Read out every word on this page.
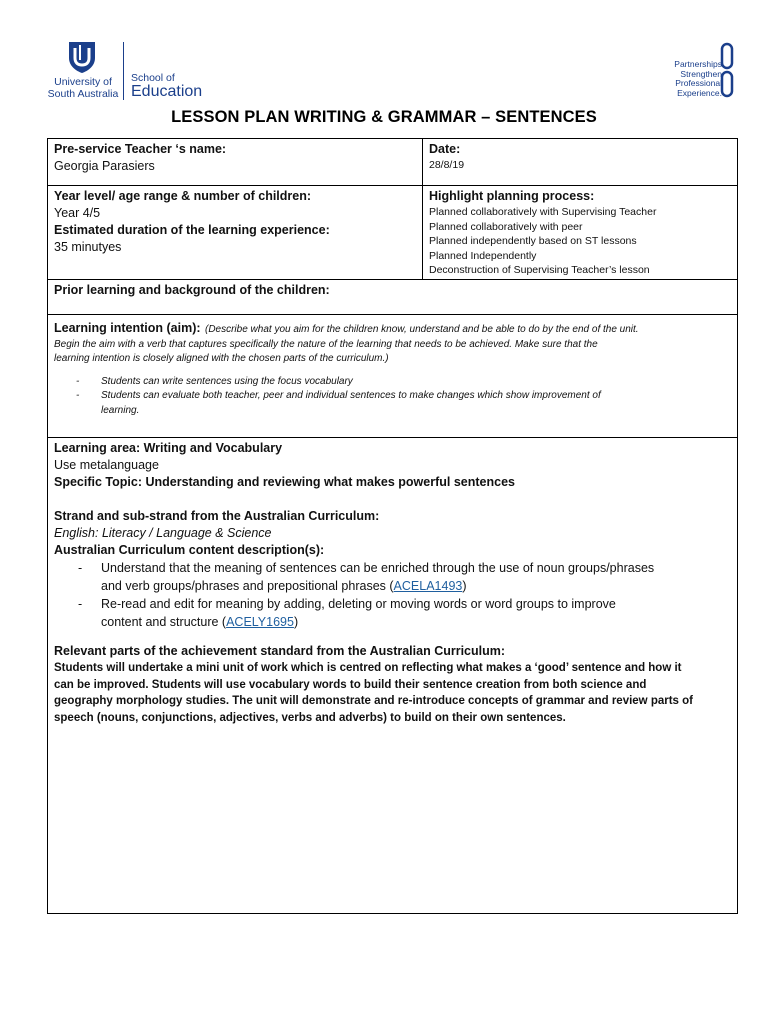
University of
South Australia
School of
Education
Partnerships
Strengthen
Professional
Experience.
LESSON PLAN WRITING & GRAMMAR – SENTENCES
Pre-service Teacher ‘s name:
Georgia Parasiers
Date:
28/8/19
Year level/ age range & number of children:
Year 4/5
Estimated duration of the learning experience:
35 minutyes
Highlight planning process:
Planned collaboratively with Supervising Teacher
Planned collaboratively with peer
Planned independently based on ST lessons
Planned Independently
Deconstruction of Supervising Teacher’s lesson
Prior learning and background of the children:
Learning intention (aim): (Describe what you aim for the children know, understand and be able to do by the end of the unit.
Begin the aim with a verb that captures specifically the nature of the learning that needs to be achieved. Make sure that the
learning intention is closely aligned with the chosen parts of the curriculum.)
- Students can write sentences using the focus vocabulary
- Students can evaluate both teacher, peer and individual sentences to make changes which show improvement of
learning.
Learning area: Writing and Vocabulary
Use metalanguage
Specific Topic: Understanding and reviewing what makes powerful sentences
Strand and sub-strand from the Australian Curriculum:
English: Literacy / Language & Science
Australian Curriculum content description(s):
- Understand that the meaning of sentences can be enriched through the use of noun groups/phrases
and verb groups/phrases and prepositional phrases (ACELA1493)
- Re-read and edit for meaning by adding, deleting or moving words or word groups to improve
content and structure (ACELY1695)
Relevant parts of the achievement standard from the Australian Curriculum:
Students will undertake a mini unit of work which is centred on reflecting what makes a ‘good’ sentence and how it
can be improved. Students will use vocabulary words to build their sentence creation from both science and
geography morphology studies. The unit will demonstrate and re-introduce concepts of grammar and review parts of
speech (nouns, conjunctions, adjectives, verbs and adverbs) to build on their own sentences.
